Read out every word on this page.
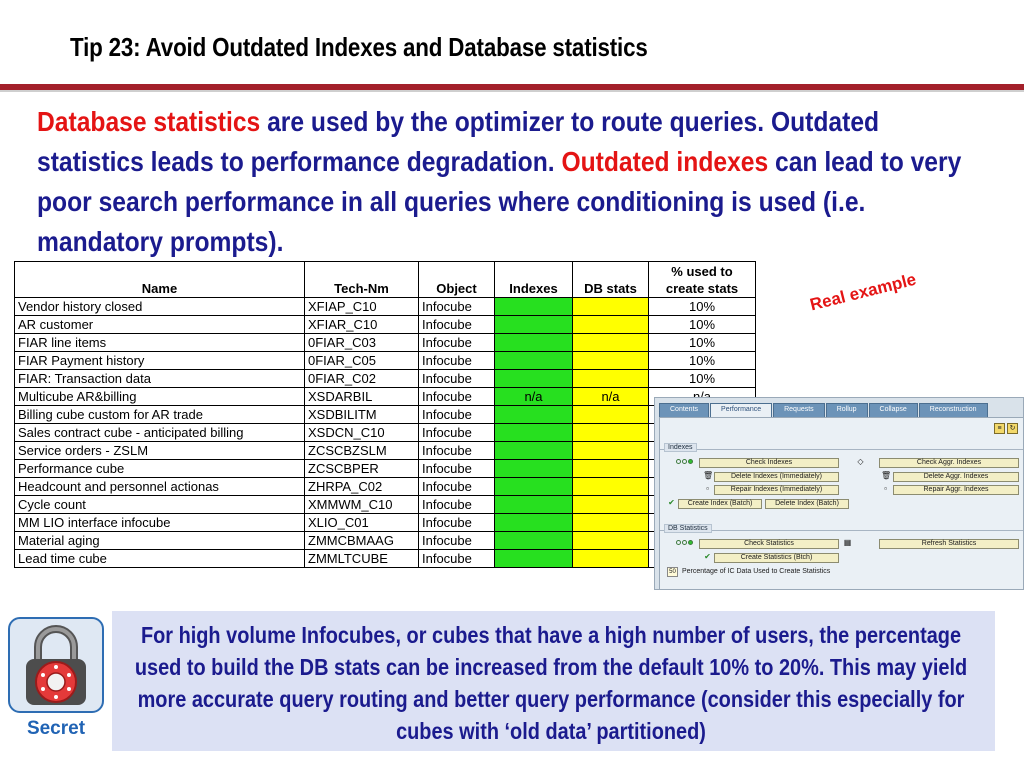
Tip 23: Avoid Outdated Indexes and Database statistics
Database statistics are used by the optimizer to route queries. Outdated statistics leads to performance degradation. Outdated indexes can lead to very poor search performance in all queries where conditioning is used (i.e. mandatory prompts).
Name	Tech-Nm	Object	Indexes	DB stats	% used to
create stats
Vendor history closed	XFIAP_C10	Infocube			10%
AR customer	XFIAR_C10	Infocube			10%
FIAR line items	0FIAR_C03	Infocube			10%
FIAR Payment history	0FIAR_C05	Infocube			10%
FIAR: Transaction data	0FIAR_C02	Infocube			10%
Multicube AR&billing	XSDARBIL	Infocube	n/a	n/a	
Billing cube custom for AR trade	XSDBILITM	Infocube			
Sales contract cube - anticipated billing	XSDCN_C10	Infocube			
Service orders - ZSLM	ZCSCBZSLM	Infocube			
Performance cube	ZCSCBPER	Infocube			
Headcount and personnel actionas	ZHRPA_C02	Infocube			
Cycle count	XMMWM_C10	Infocube			
MM LIO interface infocube	XLIO_C01	Infocube			
Material aging	ZMMCBMAAG	Infocube			
Lead time cube	ZMMLTCUBE	Infocube			
Real example
Contents	Performance	Requests	Rollup	Collapse	Reconstruction
≡	↻
Indexes
Check Indexes
🗑	Delete Indexes (Immediately)
▫	Repair Indexes (Immediately)
✔	Create Index (Batch)	Delete Index (Batch)
◇	Check Aggr. Indexes
🗑	Delete Aggr. Indexes
▫	Repair Aggr. Indexes
DB Statistics
Check Statistics	▦	Refresh Statistics
✔	Create Statistics (Btch)
50 Percentage of IC Data Used to Create Statistics
Secret

For high volume Infocubes, or cubes that have a high number of users, the percentage used to build the DB stats can be increased from the default 10% to 20%. This may yield more accurate query routing and better query performance (consider this especially for cubes with ‘old data’ partitioned)
